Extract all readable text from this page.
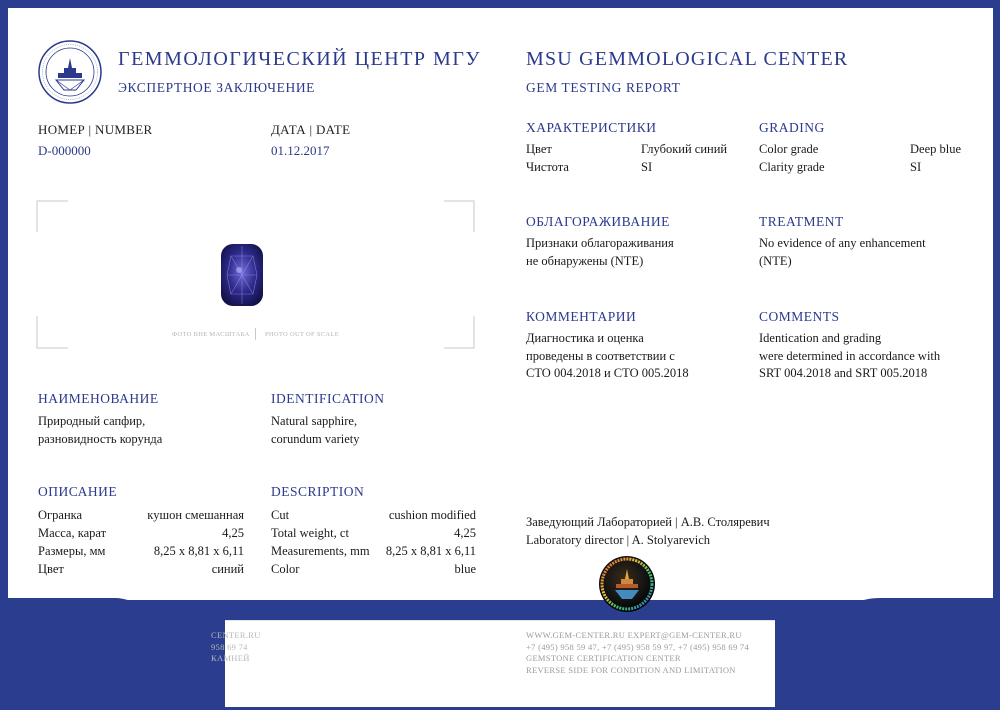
ГЕММОЛОГИЧЕСКИЙ ЦЕНТР МГУ
ЭКСПЕРТНОЕ ЗАКЛЮЧЕНИЕ
MSU GEMMOLOGICAL CENTER
GEM TESTING REPORT
НОМЕР | NUMBER
D-000000
ДАТА | DATE
01.12.2017
ФОТО ВНЕ МАСШТАБА PHOTO OUT OF SCALE
НАИМЕНОВАНИЕ
Природный сапфир,
разновидность корунда
IDENTIFICATION
Natural sapphire,
corundum variety
ОПИСАНИЕ	DESCRIPTION
Огранка	кушон смешанная
Масса, карат	4,25
Размеры, мм	8,25 х 8,81 х 6,11
Цвет	синий
Cut	cushion modified
Total weight, ct	4,25
Measurements, mm	8,25 x 8,81 x 6,11
Color	blue
ХАРАКТЕРИСТИКИ	GRADING
Цвет	Глубокий синий
Чистота	SI
Color grade	Deep blue
Clarity grade	SI
ОБЛАГОРАЖИВАНИЕ
Признаки облагораживания
не обнаружены (NTE)
TREATMENT
No evidence of any enhancement
(NTE)
КОММЕНТАРИИ
Диагностика и оценка
проведены в соответствии с
СТО 004.2018 и СТО 005.2018
COMMENTS
Identication and grading
were determined in accordance with
SRT 004.2018 and SRT 005.2018
Заведующий Лабораторией | А.В. Столяревич
Laboratory director | A. Stolyarevich
WWW.GEM-CENTER.RU EXPERT@GEM-CENTER.RU
+7 (495) 958 59 47, +7 (495) 958 59 97, +7 (495) 958 69 74
GEMSTONE CERTIFICATION CENTER
REVERSE SIDE FOR CONDITION AND LIMITATION
CENTER.RU
958 69 74
КАМНЕЙ
